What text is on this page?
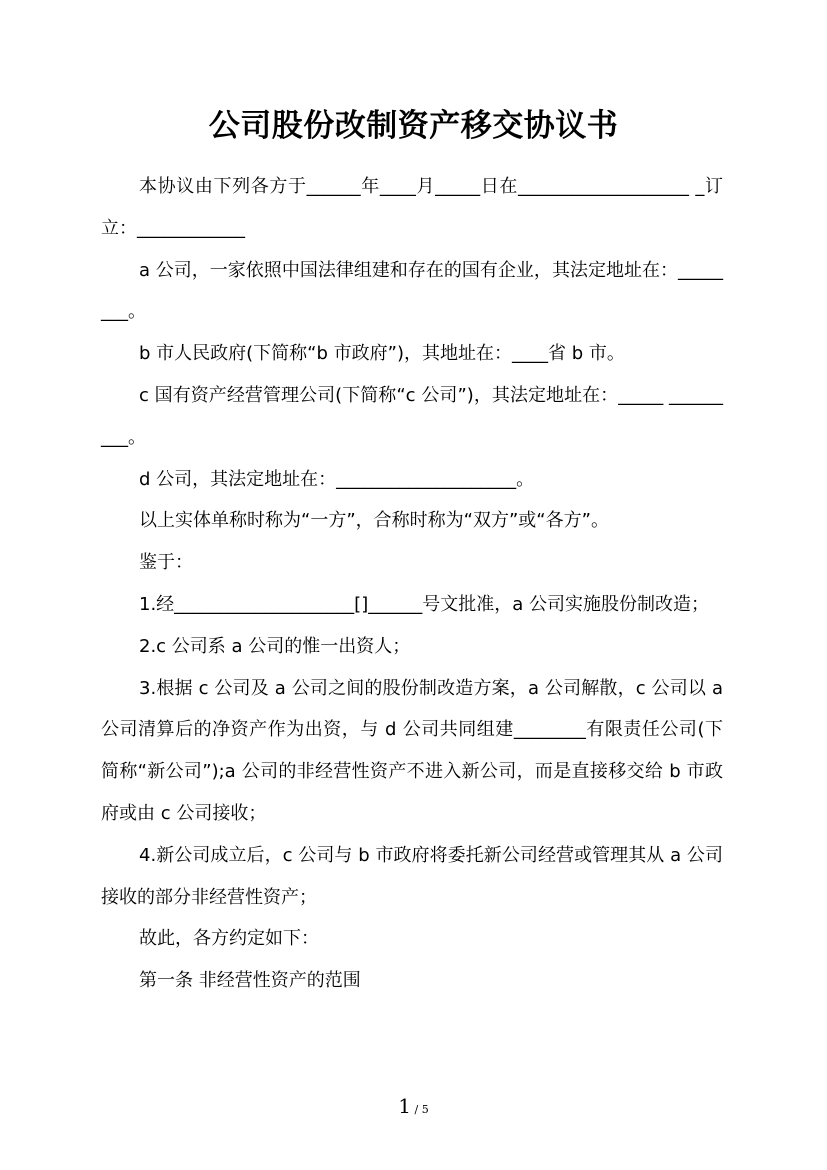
公司股份改制资产移交协议书

本协议由下列各方于______年____月_____日在___________________ _订立：____________

a 公司，一家依照中国法律组建和存在的国有企业，其法定地址在：________。

b 市人民政府(下简称“b 市政府”)，其地址在：____省 b 市。

c 国有资产经营管理公司(下简称“c 公司”)，其法定地址在：_____ _________。

d 公司，其法定地址在：____________________。

以上实体单称时称为“一方”，合称时称为“双方”或“各方”。

鉴于：

1.经____________________[]______号文批准，a 公司实施股份制改造；

2.c 公司系 a 公司的惟一出资人；

3.根据 c 公司及 a 公司之间的股份制改造方案，a 公司解散，c 公司以 a 公司清算后的净资产作为出资，与 d 公司共同组建________有限责任公司(下简称“新公司”);a 公司的非经营性资产不进入新公司，而是直接移交给 b 市政府或由 c 公司接收；

4.新公司成立后，c 公司与 b 市政府将委托新公司经营或管理其从 a 公司接收的部分非经营性资产；

故此，各方约定如下：

第一条 非经营性资产的范围

1 / 5
